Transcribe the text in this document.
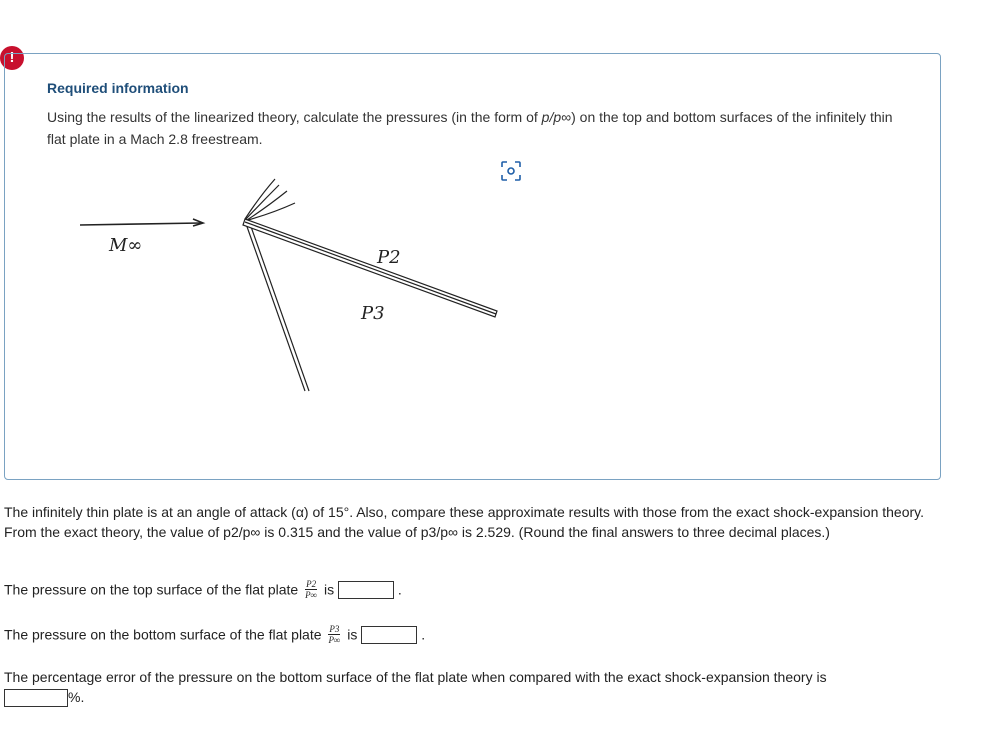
!
Required information
Using the results of the linearized theory, calculate the pressures (in the form of p/p∞) on the top and bottom surfaces of the infinitely thin flat plate in a Mach 2.8 freestream.
M∞
P2
P3
The infinitely thin plate is at an angle of attack (α) of 15°. Also, compare these approximate results with those from the exact shock-expansion theory. From the exact theory, the value of p2/p∞ is 0.315 and the value of p3/p∞ is 2.529. (Round the final answers to three decimal places.)
The pressure on the top surface of the flat plate $\frac{P2}{P\infty}$ is	.
The pressure on the bottom surface of the flat plate $\frac{P3}{P\infty}$ is	.
The percentage error of the pressure on the bottom surface of the flat plate when compared with the exact shock-expansion theory is
%.
